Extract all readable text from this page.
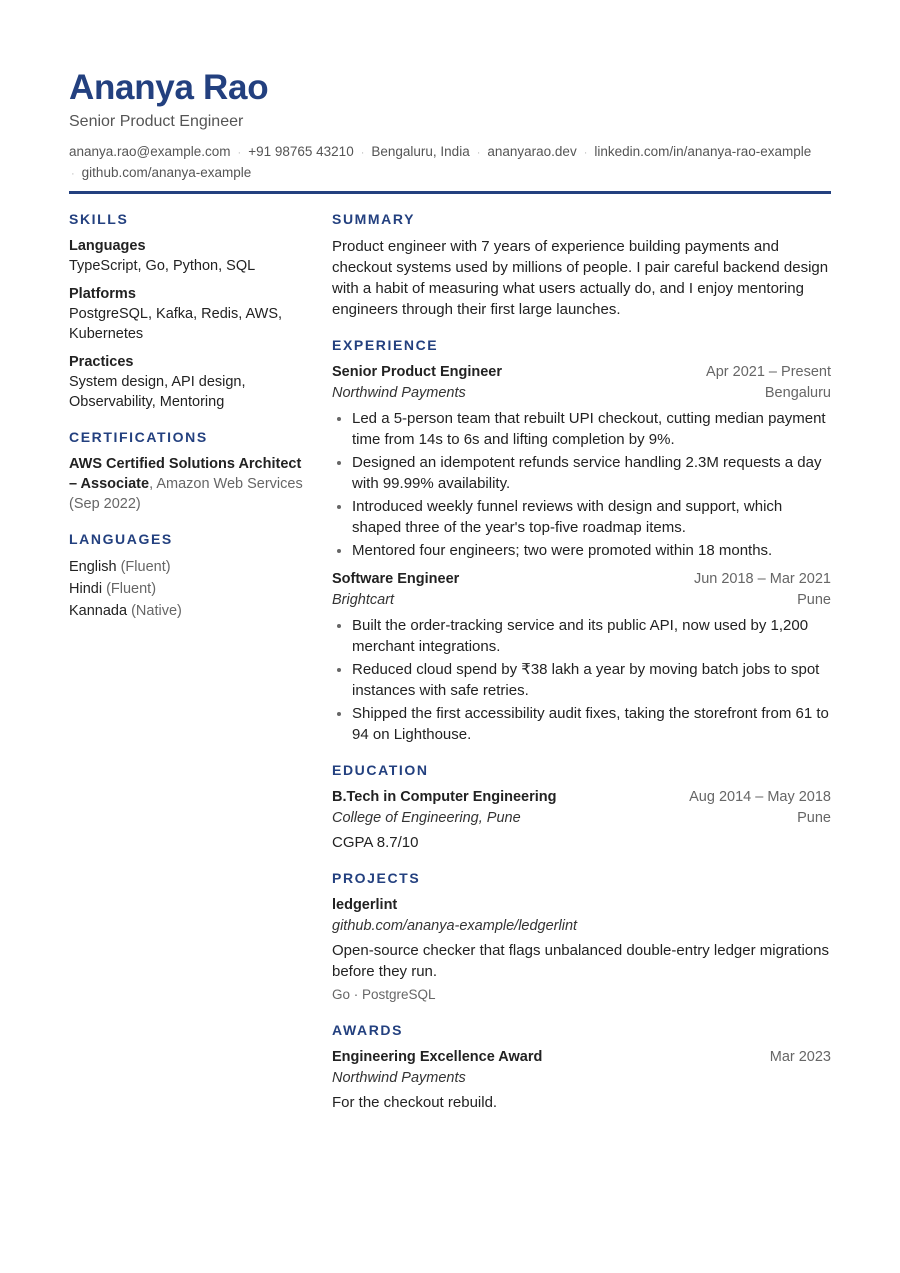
Ananya Rao
Senior Product Engineer
ananya.rao@example.com · +91 98765 43210 · Bengaluru, India · ananyarao.dev · linkedin.com/in/ananya-rao-example
· github.com/ananya-example
SKILLS
Languages
TypeScript, Go, Python, SQL
Platforms
PostgreSQL, Kafka, Redis, AWS, Kubernetes
Practices
System design, API design, Observability, Mentoring
CERTIFICATIONS
AWS Certified Solutions Architect – Associate, Amazon Web Services
(Sep 2022)
LANGUAGES
English (Fluent)
Hindi (Fluent)
Kannada (Native)
SUMMARY

Product engineer with 7 years of experience building payments and checkout systems used by millions of people. I pair careful backend design with a habit of measuring what users actually do, and I enjoy mentoring engineers through their first large launches.

EXPERIENCE
Senior Product Engineer	Apr 2021 – Present
Northwind Payments	Bengaluru
• Led a 5-person team that rebuilt UPI checkout, cutting median payment time from 14s to 6s and lifting completion by 9%.
• Designed an idempotent refunds service handling 2.3M requests a day with 99.99% availability.
• Introduced weekly funnel reviews with design and support, which shaped three of the year's top-five roadmap items.
• Mentored four engineers; two were promoted within 18 months.
Software Engineer	Jun 2018 – Mar 2021
Brightcart	Pune
• Built the order-tracking service and its public API, now used by 1,200 merchant integrations.
• Reduced cloud spend by ₹38 lakh a year by moving batch jobs to spot instances with safe retries.
• Shipped the first accessibility audit fixes, taking the storefront from 61 to 94 on Lighthouse.
EDUCATION
B.Tech in Computer Engineering	Aug 2014 – May 2018
College of Engineering, Pune	Pune

CGPA 8.7/10

PROJECTS
ledgerlint
github.com/ananya-example/ledgerlint

Open-source checker that flags unbalanced double-entry ledger migrations before they run.

Go · PostgreSQL
AWARDS
Engineering Excellence Award	Mar 2023
Northwind Payments

For the checkout rebuild.
